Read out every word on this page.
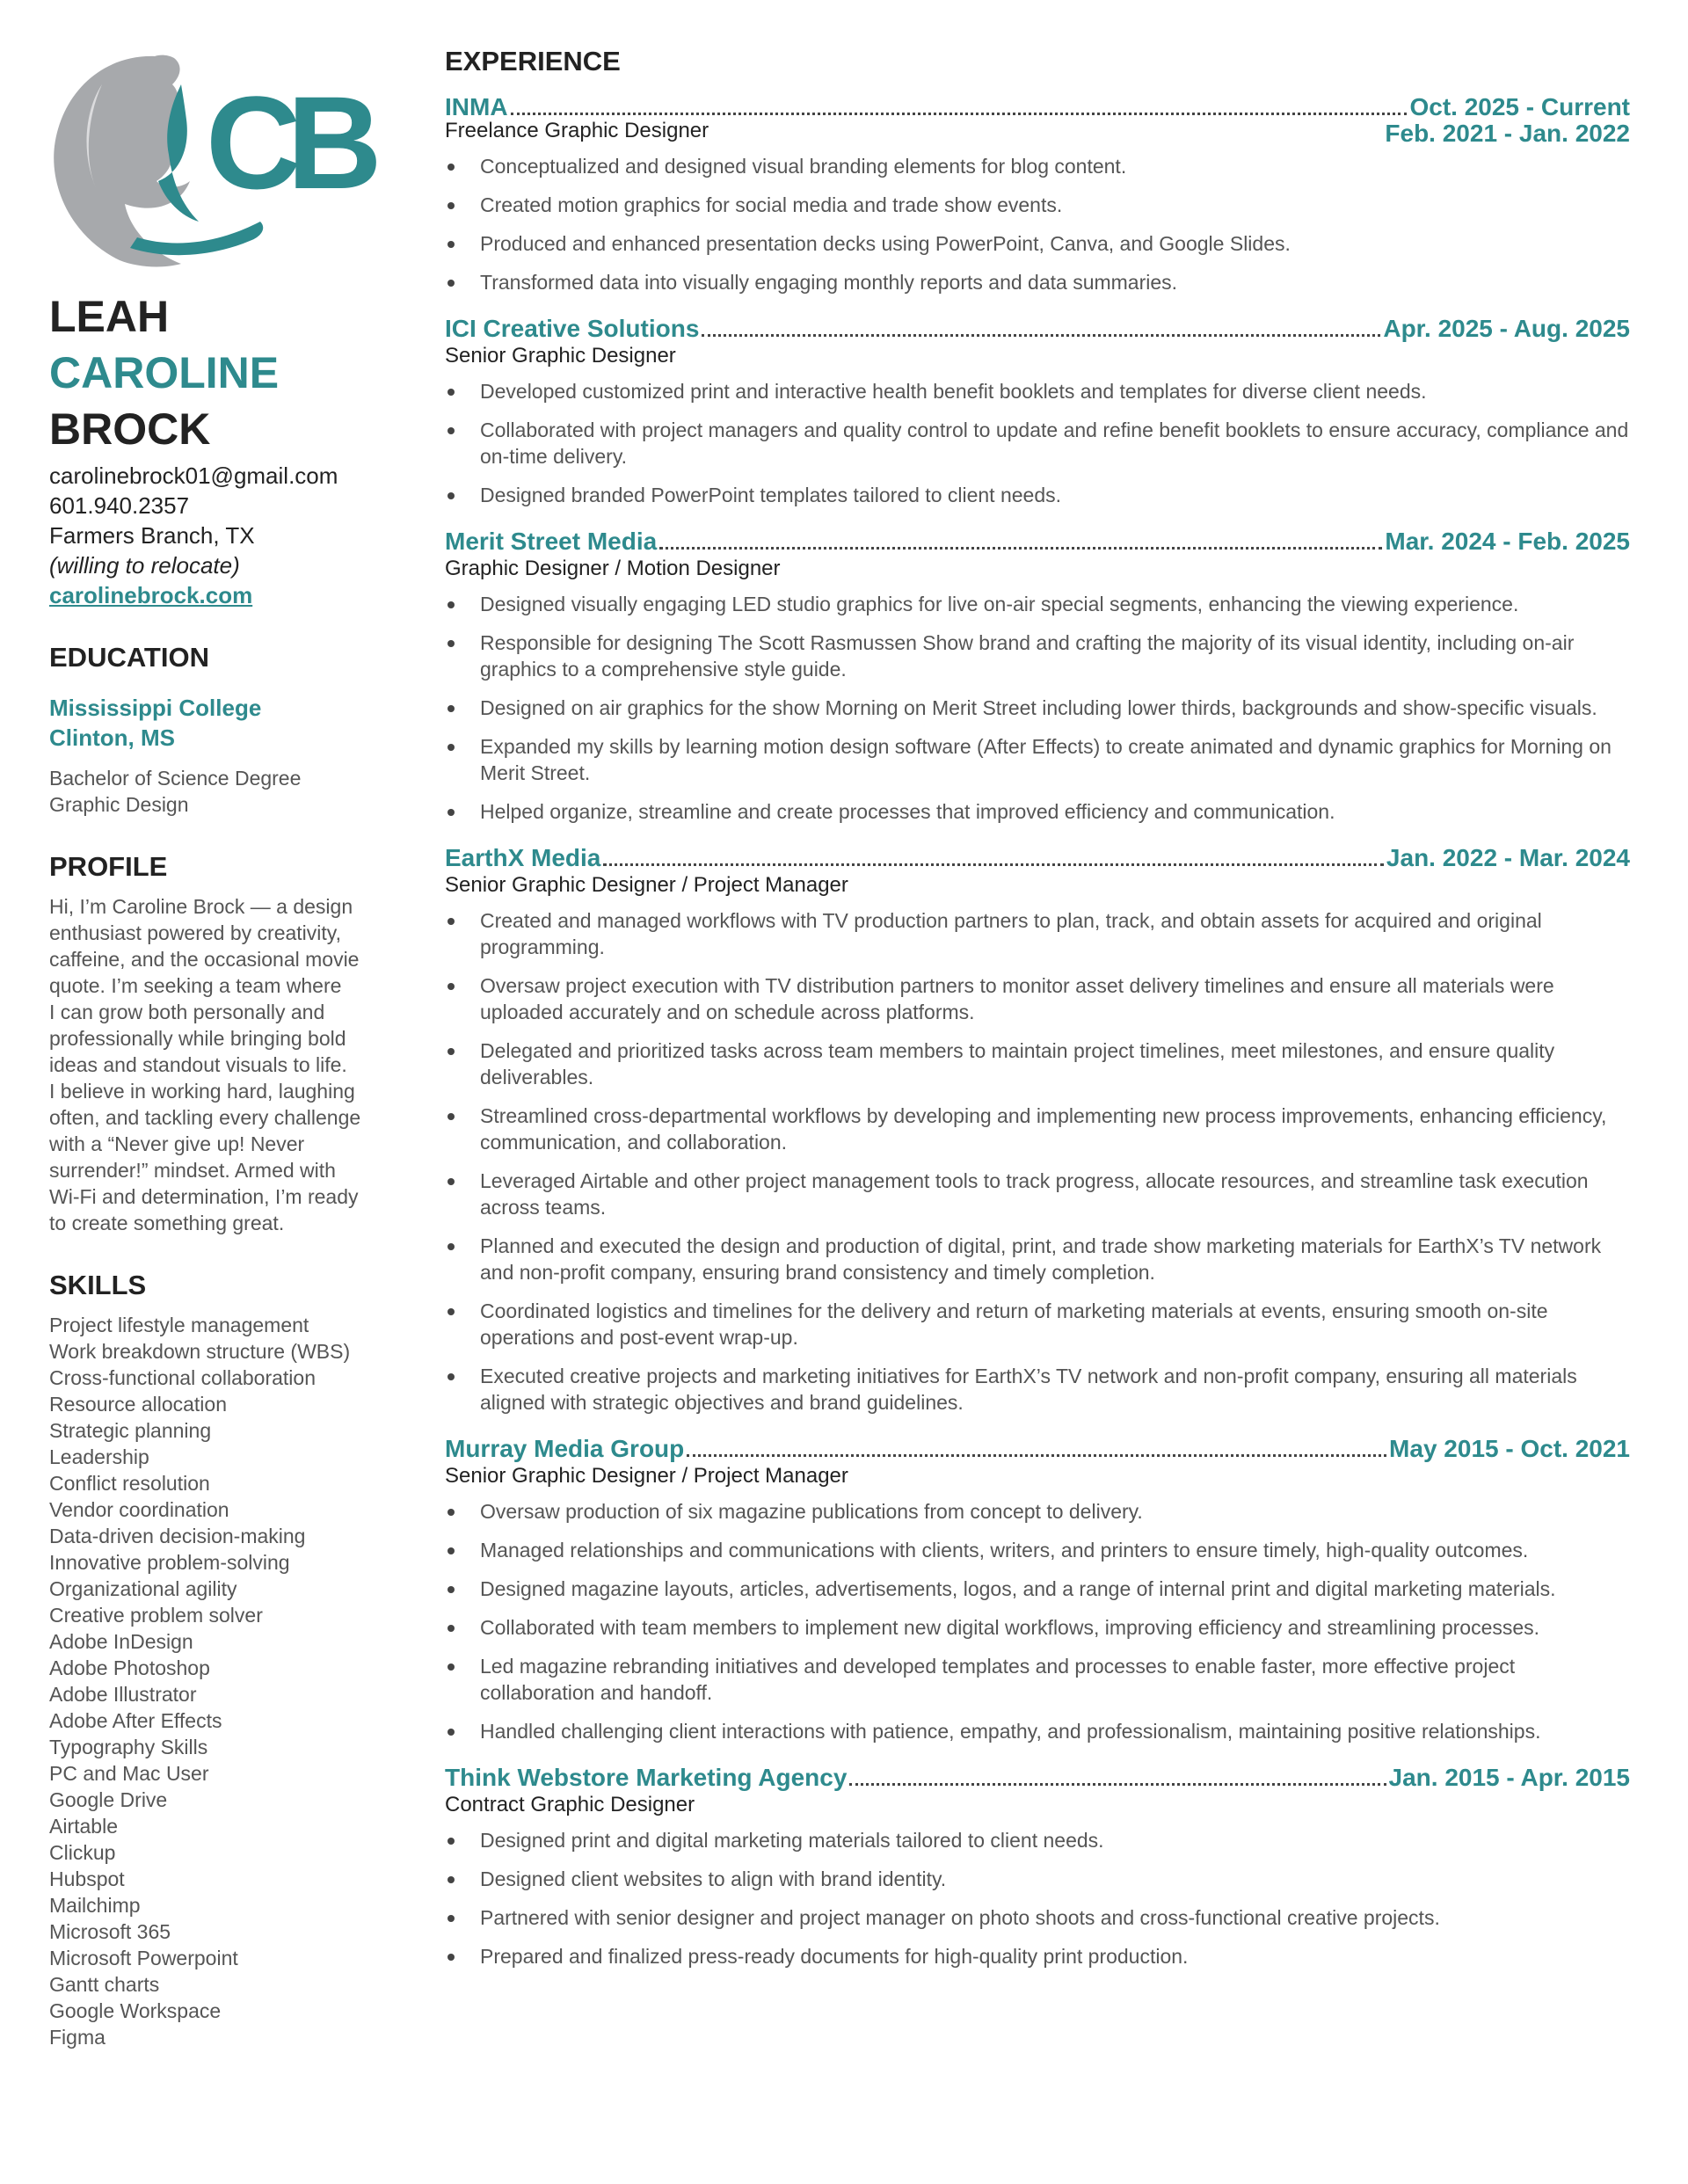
CB
LEAH
CAROLINE
BROCK
carolinebrock01@gmail.com
601.940.2357
Farmers Branch, TX
(willing to relocate)
carolinebrock.com
EDUCATION
Mississippi College
Clinton, MS
Bachelor of Science Degree
Graphic Design
PROFILE
Hi, I’m Caroline Brock — a design
enthusiast powered by creativity,
caffeine, and the occasional movie
quote. I’m seeking a team where
I can grow both personally and
professionally while bringing bold
ideas and standout visuals to life.
I believe in working hard, laughing
often, and tackling every challenge
with a “Never give up! Never
surrender!” mindset. Armed with
Wi-Fi and determination, I’m ready
to create something great.
SKILLS
Project lifestyle management
Work breakdown structure (WBS)
Cross-functional collaboration
Resource allocation
Strategic planning
Leadership
Conflict resolution
Vendor coordination
Data-driven decision-making
Innovative problem-solving
Organizational agility
Creative problem solver
Adobe InDesign
Adobe Photoshop
Adobe Illustrator
Adobe After Effects
Typography Skills
PC and Mac User
Google Drive
Airtable
Clickup
Hubspot
Mailchimp
Microsoft 365
Microsoft Powerpoint
Gantt charts
Google Workspace
Figma
EXPERIENCE
INMA	Oct. 2025 - Current
Feb. 2021 - Jan. 2022
Freelance Graphic Designer
Conceptualized and designed visual branding elements for blog content.
Created motion graphics for social media and trade show events.
Produced and enhanced presentation decks using PowerPoint, Canva, and Google Slides.
Transformed data into visually engaging monthly reports and data summaries.
ICI Creative Solutions	Apr. 2025 - Aug. 2025
Senior Graphic Designer
Developed customized print and interactive health benefit booklets and templates for diverse client needs.
Collaborated with project managers and quality control to update and refine benefit booklets to ensure accuracy, compliance and on-time delivery.
Designed branded PowerPoint templates tailored to client needs.
Merit Street Media	Mar. 2024 - Feb. 2025
Graphic Designer / Motion Designer
Designed visually engaging LED studio graphics for live on-air special segments, enhancing the viewing experience.
Responsible for designing The Scott Rasmussen Show brand and crafting the majority of its visual identity, including on-air graphics to a comprehensive style guide.
Designed on air graphics for the show Morning on Merit Street including lower thirds, backgrounds and show-specific visuals.
Expanded my skills by learning motion design software (After Effects) to create animated and dynamic graphics for Morning on Merit Street.
Helped organize, streamline and create processes that improved efficiency and communication.
EarthX Media	Jan. 2022 - Mar. 2024
Senior Graphic Designer / Project Manager
Created and managed workflows with TV production partners to plan, track, and obtain assets for acquired and original programming.
Oversaw project execution with TV distribution partners to monitor asset delivery timelines and ensure all materials were uploaded accurately and on schedule across platforms.
Delegated and prioritized tasks across team members to maintain project timelines, meet milestones, and ensure quality deliverables.
Streamlined cross-departmental workflows by developing and implementing new process improvements, enhancing efficiency, communication, and collaboration.
Leveraged Airtable and other project management tools to track progress, allocate resources, and streamline task execution across teams.
Planned and executed the design and production of digital, print, and trade show marketing materials for EarthX’s TV network and non-profit company, ensuring brand consistency and timely completion.
Coordinated logistics and timelines for the delivery and return of marketing materials at events, ensuring smooth on-site operations and post-event wrap-up.
Executed creative projects and marketing initiatives for EarthX’s TV network and non-profit company, ensuring all materials aligned with strategic objectives and brand guidelines.
Murray Media Group	May 2015 - Oct. 2021
Senior Graphic Designer / Project Manager
Oversaw production of six magazine publications from concept to delivery.
Managed relationships and communications with clients, writers, and printers to ensure timely, high-quality outcomes.
Designed magazine layouts, articles, advertisements, logos, and a range of internal print and digital marketing materials.
Collaborated with team members to implement new digital workflows, improving efficiency and streamlining processes.
Led magazine rebranding initiatives and developed templates and processes to enable faster, more effective project collaboration and handoff.
Handled challenging client interactions with patience, empathy, and professionalism, maintaining positive relationships.
Think Webstore Marketing Agency	Jan. 2015 - Apr. 2015
Contract Graphic Designer
Designed print and digital marketing materials tailored to client needs.
Designed client websites to align with brand identity.
Partnered with senior designer and project manager on photo shoots and cross-functional creative projects.
Prepared and finalized press-ready documents for high-quality print production.
